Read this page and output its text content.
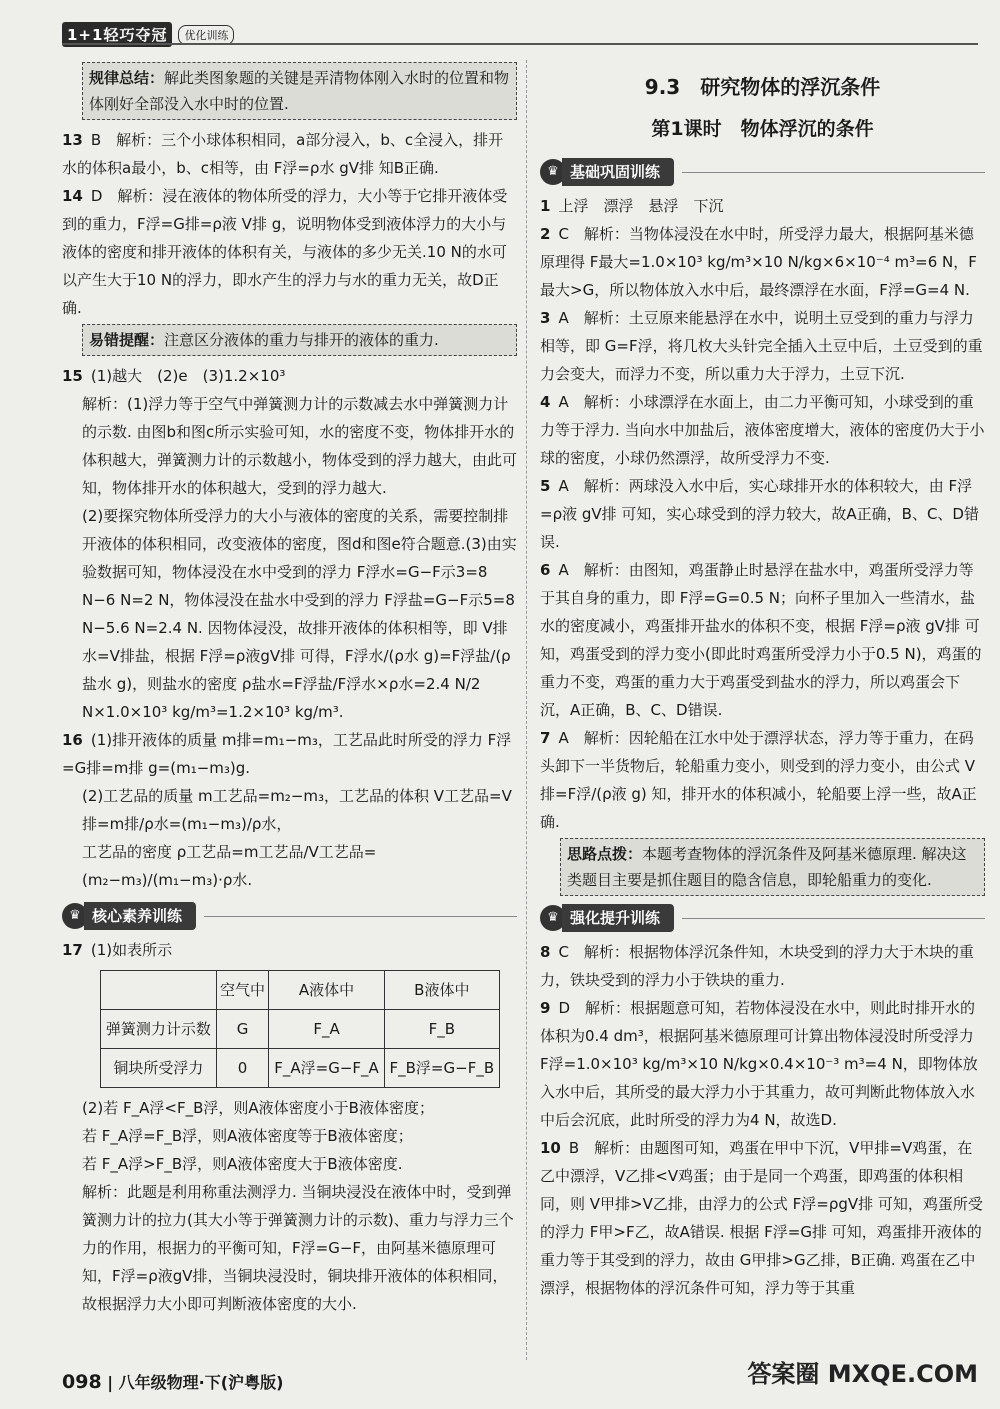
1+1轻巧夺冠	优化训练
规律总结：解此类图象题的关键是弄清物体刚入水时的位置和物体刚好全部没入水中时的位置.

13 B　解析：三个小球体积相同，a部分浸入，b、c全浸入，排开水的体积a最小，b、c相等，由 F浮=ρ水 gV排 知B正确.

14 D　解析：浸在液体的物体所受的浮力，大小等于它排开液体受到的重力，F浮=G排=ρ液 V排 g，说明物体受到液体浮力的大小与液体的密度和排开液体的体积有关，与液体的多少无关.10 N的水可以产生大于10 N的浮力，即水产生的浮力与水的重力无关，故D正确.

易错提醒：注意区分液体的重力与排开的液体的重力.

15 (1)越大　(2)e　(3)1.2×10³

解析：(1)浮力等于空气中弹簧测力计的示数减去水中弹簧测力计的示数. 由图b和图c所示实验可知，水的密度不变，物体排开水的体积越大，弹簧测力计的示数越小，物体受到的浮力越大，由此可知，物体排开水的体积越大，受到的浮力越大.

(2)要探究物体所受浮力的大小与液体的密度的关系，需要控制排开液体的体积相同，改变液体的密度，图d和图e符合题意.(3)由实验数据可知，物体浸没在水中受到的浮力 F浮水=G−F示3=8 N−6 N=2 N，物体浸没在盐水中受到的浮力 F浮盐=G−F示5=8 N−5.6 N=2.4 N. 因物体浸没，故排开液体的体积相等，即 V排水=V排盐，根据 F浮=ρ液gV排 可得，F浮水/(ρ水 g)=F浮盐/(ρ盐水 g)，则盐水的密度 ρ盐水=F浮盐/F浮水×ρ水=2.4 N/2 N×1.0×10³ kg/m³=1.2×10³ kg/m³.

16 (1)排开液体的质量 m排=m₁−m₃，工艺品此时所受的浮力 F浮=G排=m排 g=(m₁−m₃)g.

(2)工艺品的质量 m工艺品=m₂−m₃，工艺品的体积 V工艺品=V排=m排/ρ水=(m₁−m₃)/ρ水，

工艺品的密度 ρ工艺品=m工艺品/V工艺品=(m₂−m₃)/(m₁−m₃)·ρ水.

♛ 核心素养训练

17 (1)如表所示

	空气中	A液体中	B液体中
弹簧测力计示数	G	F_A	F_B
铜块所受浮力	0	F_A浮=G−F_A	F_B浮=G−F_B

(2)若 F_A浮<F_B浮，则A液体密度小于B液体密度；

若 F_A浮=F_B浮，则A液体密度等于B液体密度；

若 F_A浮>F_B浮，则A液体密度大于B液体密度.

解析：此题是利用称重法测浮力. 当铜块浸没在液体中时，受到弹簧测力计的拉力(其大小等于弹簧测力计的示数)、重力与浮力三个力的作用，根据力的平衡可知，F浮=G−F，由阿基米德原理可知，F浮=ρ液gV排，当铜块浸没时，铜块排开液体的体积相同，故根据浮力大小即可判断液体密度的大小.

9.3　研究物体的浮沉条件
第1课时　物体浮沉的条件
♛ 基础巩固训练

1 上浮　漂浮　悬浮　下沉

2 C　解析：当物体浸没在水中时，所受浮力最大，根据阿基米德原理得 F最大=1.0×10³ kg/m³×10 N/kg×6×10⁻⁴ m³=6 N，F最大>G，所以物体放入水中后，最终漂浮在水面，F浮=G=4 N.

3 A　解析：土豆原来能悬浮在水中，说明土豆受到的重力与浮力相等，即 G=F浮，将几枚大头针完全插入土豆中后，土豆受到的重力会变大，而浮力不变，所以重力大于浮力，土豆下沉.

4 A　解析：小球漂浮在水面上，由二力平衡可知，小球受到的重力等于浮力. 当向水中加盐后，液体密度增大，液体的密度仍大于小球的密度，小球仍然漂浮，故所受浮力不变.

5 A　解析：两球没入水中后，实心球排开水的体积较大，由 F浮=ρ液 gV排 可知，实心球受到的浮力较大，故A正确，B、C、D错误.

6 A　解析：由图知，鸡蛋静止时悬浮在盐水中，鸡蛋所受浮力等于其自身的重力，即 F浮=G=0.5 N；向杯子里加入一些清水，盐水的密度减小，鸡蛋排开盐水的体积不变，根据 F浮=ρ液 gV排 可知，鸡蛋受到的浮力变小(即此时鸡蛋所受浮力小于0.5 N)，鸡蛋的重力不变，鸡蛋的重力大于鸡蛋受到盐水的浮力，所以鸡蛋会下沉，A正确，B、C、D错误.

7 A　解析：因轮船在江水中处于漂浮状态，浮力等于重力，在码头卸下一半货物后，轮船重力变小，则受到的浮力变小，由公式 V排=F浮/(ρ液 g) 知，排开水的体积减小，轮船要上浮一些，故A正确.

思路点拨：本题考查物体的浮沉条件及阿基米德原理. 解决这类题目主要是抓住题目的隐含信息，即轮船重力的变化.
♛ 强化提升训练

8 C　解析：根据物体浮沉条件知，木块受到的浮力大于木块的重力，铁块受到的浮力小于铁块的重力.

9 D　解析：根据题意可知，若物体浸没在水中，则此时排开水的体积为0.4 dm³，根据阿基米德原理可计算出物体浸没时所受浮力 F浮=1.0×10³ kg/m³×10 N/kg×0.4×10⁻³ m³=4 N，即物体放入水中后，其所受的最大浮力小于其重力，故可判断此物体放入水中后会沉底，此时所受的浮力为4 N，故选D.

10 B　解析：由题图可知，鸡蛋在甲中下沉，V甲排=V鸡蛋，在乙中漂浮，V乙排<V鸡蛋；由于是同一个鸡蛋，即鸡蛋的体积相同，则 V甲排>V乙排，由浮力的公式 F浮=ρgV排 可知，鸡蛋所受的浮力 F甲>F乙，故A错误. 根据 F浮=G排 可知，鸡蛋排开液体的重力等于其受到的浮力，故由 G甲排>G乙排，B正确. 鸡蛋在乙中漂浮，根据物体的浮沉条件可知，浮力等于其重

098 | 八年级物理·下(沪粤版)	答案圈 MXQE.COM
